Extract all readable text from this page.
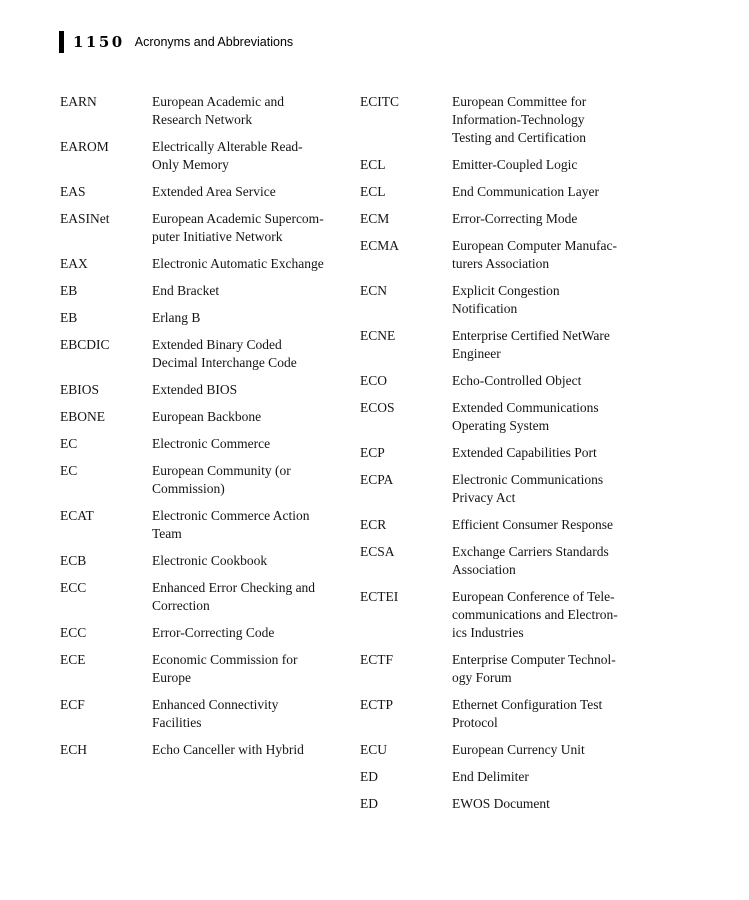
1150 Acronyms and Abbreviations
EARN	European Academic and
Research Network
EAROM	Electrically Alterable Read-
Only Memory
EAS	Extended Area Service
EASINet	European Academic Supercom-
puter Initiative Network
EAX	Electronic Automatic Exchange
EB	End Bracket
EB	Erlang B
EBCDIC	Extended Binary Coded
Decimal Interchange Code
EBIOS	Extended BIOS
EBONE	European Backbone
EC	Electronic Commerce
EC	European Community (or
Commission)
ECAT	Electronic Commerce Action
Team
ECB	Electronic Cookbook
ECC	Enhanced Error Checking and
Correction
ECC	Error-Correcting Code
ECE	Economic Commission for
Europe
ECF	Enhanced Connectivity
Facilities
ECH	Echo Canceller with Hybrid
ECITC	European Committee for
Information-Technology
Testing and Certification
ECL	Emitter-Coupled Logic
ECL	End Communication Layer
ECM	Error-Correcting Mode
ECMA	European Computer Manufac-
turers Association
ECN	Explicit Congestion
Notification
ECNE	Enterprise Certified NetWare
Engineer
ECO	Echo-Controlled Object
ECOS	Extended Communications
Operating System
ECP	Extended Capabilities Port
ECPA	Electronic Communications
Privacy Act
ECR	Efficient Consumer Response
ECSA	Exchange Carriers Standards
Association
ECTEI	European Conference of Tele-
communications and Electron-
ics Industries
ECTF	Enterprise Computer Technol-
ogy Forum
ECTP	Ethernet Configuration Test
Protocol
ECU	European Currency Unit
ED	End Delimiter
ED	EWOS Document
